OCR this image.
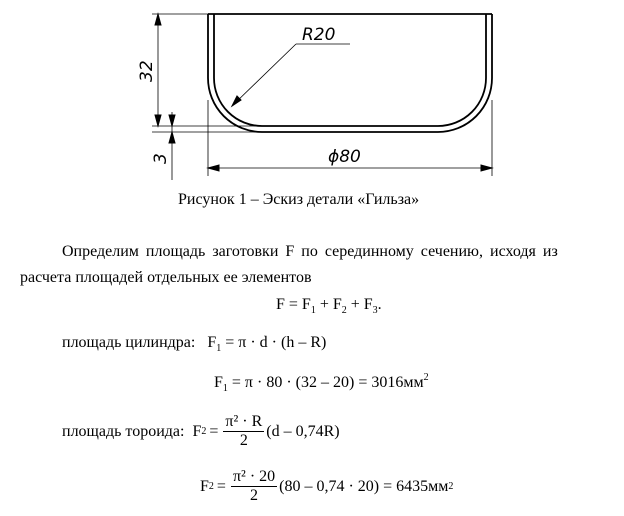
R20
32
3	ϕ80
Рисунок 1 – Эскиз детали «Гильза»
Определим площадь заготовки F по серединному сечению, исходя из
расчета площадей отдельных ее элементов
$F = F_1 + F_2 + F_3$.
площадь цилиндра: $F_1 = \pi \cdot d \cdot (h - R)$
$F_1 = \pi \cdot 80 \cdot (32 - 20) = 3016мм^2$
площадь тороида: F $2 = \frac{\text{π² · R}}{2} (d - 0,74R)$
F $2 = \frac{\text{π² · 20}}{2} (80 - 0,74 \cdot 20) = 6435мм$ 2
